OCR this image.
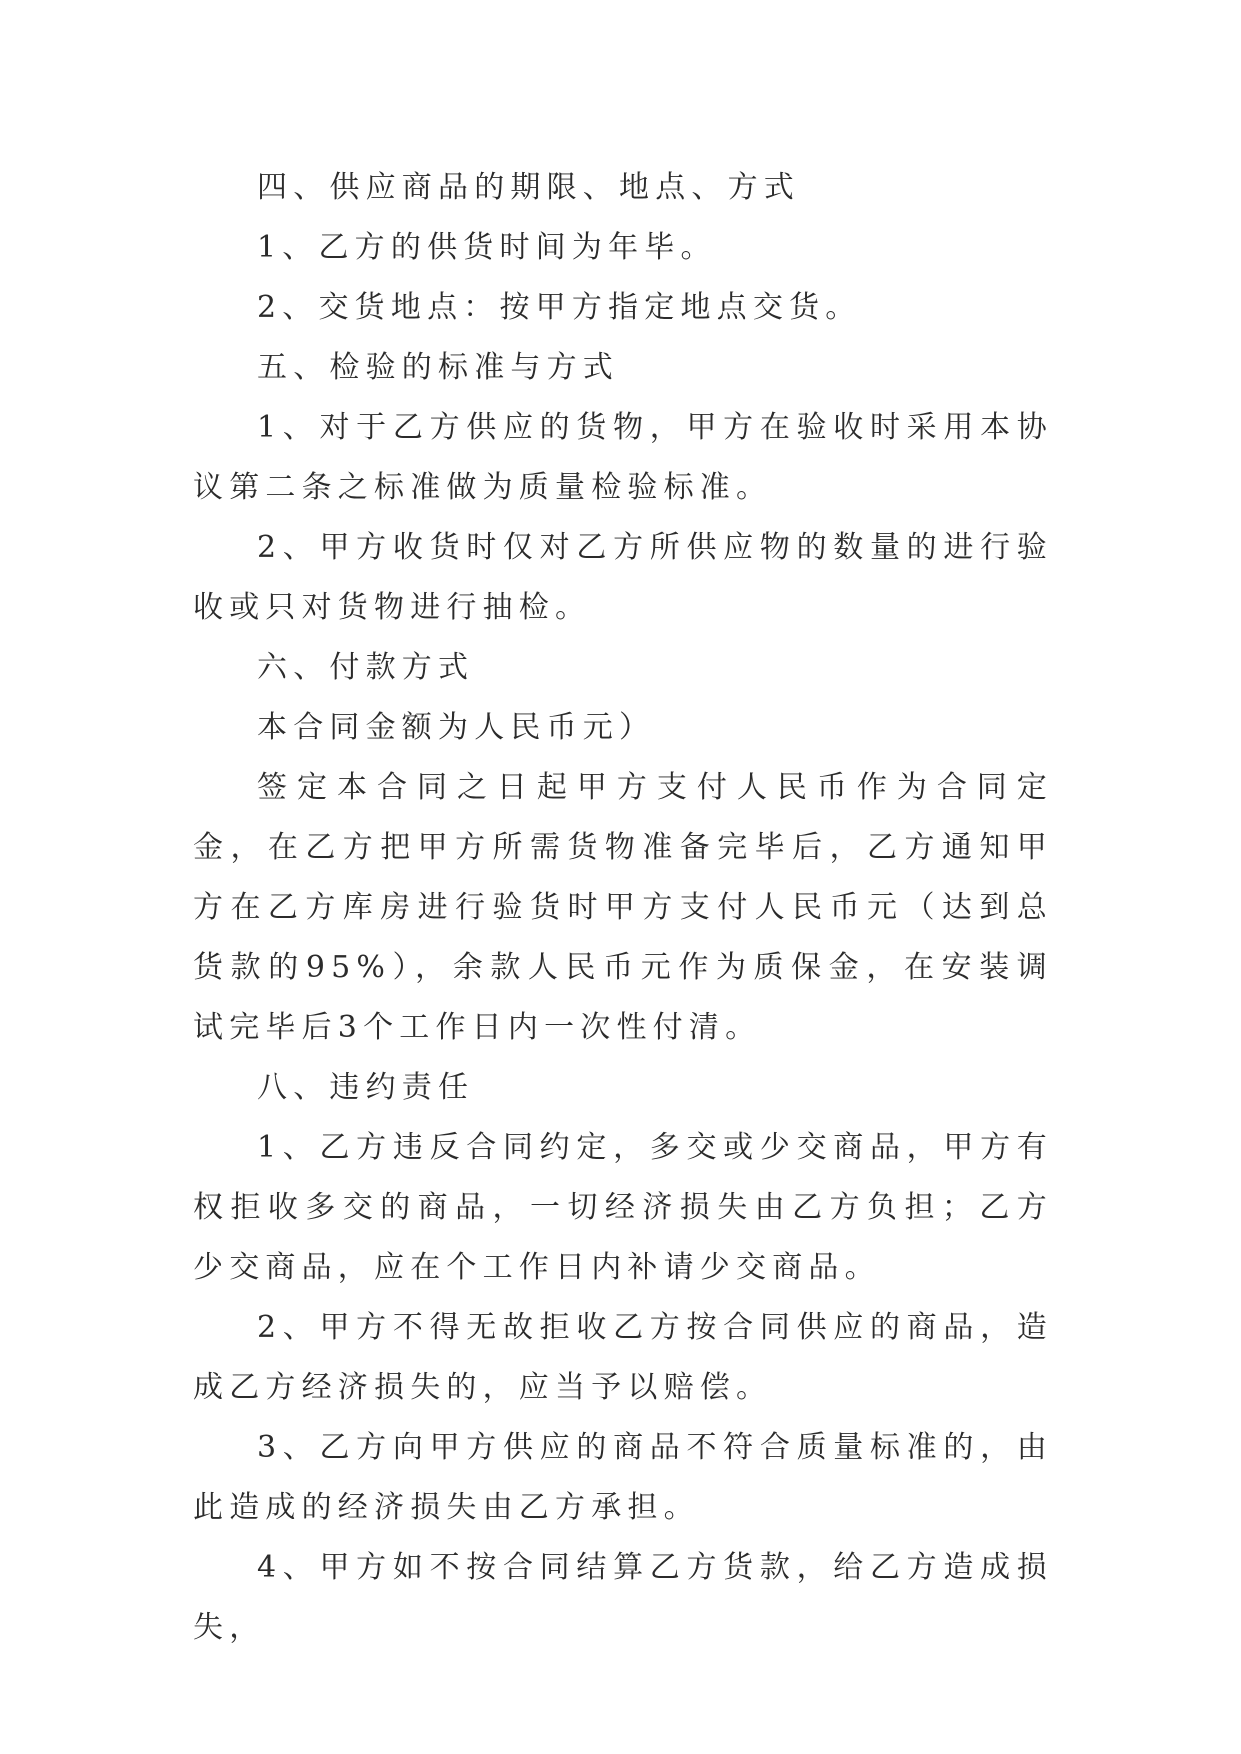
四、供应商品的期限、地点、方式

1、乙方的供货时间为年毕。

2、交货地点：按甲方指定地点交货。

五、检验的标准与方式

1、对于乙方供应的货物，甲方在验收时采用本协议第二条之标准做为质量检验标准。

2、甲方收货时仅对乙方所供应物的数量的进行验收或只对货物进行抽检。

六、付款方式

本合同金额为人民币元）

签定本合同之日起甲方支付人民币作为合同定金，在乙方把甲方所需货物准备完毕后，乙方通知甲方在乙方库房进行验货时甲方支付人民币元（达到总货款的95%），余款人民币元作为质保金，在安装调试完毕后3个工作日内一次性付清。

八、违约责任

1、乙方违反合同约定，多交或少交商品，甲方有权拒收多交的商品，一切经济损失由乙方负担；乙方少交商品，应在个工作日内补请少交商品。

2、甲方不得无故拒收乙方按合同供应的商品，造成乙方经济损失的，应当予以赔偿。

3、乙方向甲方供应的商品不符合质量标准的，由此造成的经济损失由乙方承担。

4、甲方如不按合同结算乙方货款，给乙方造成损失，
